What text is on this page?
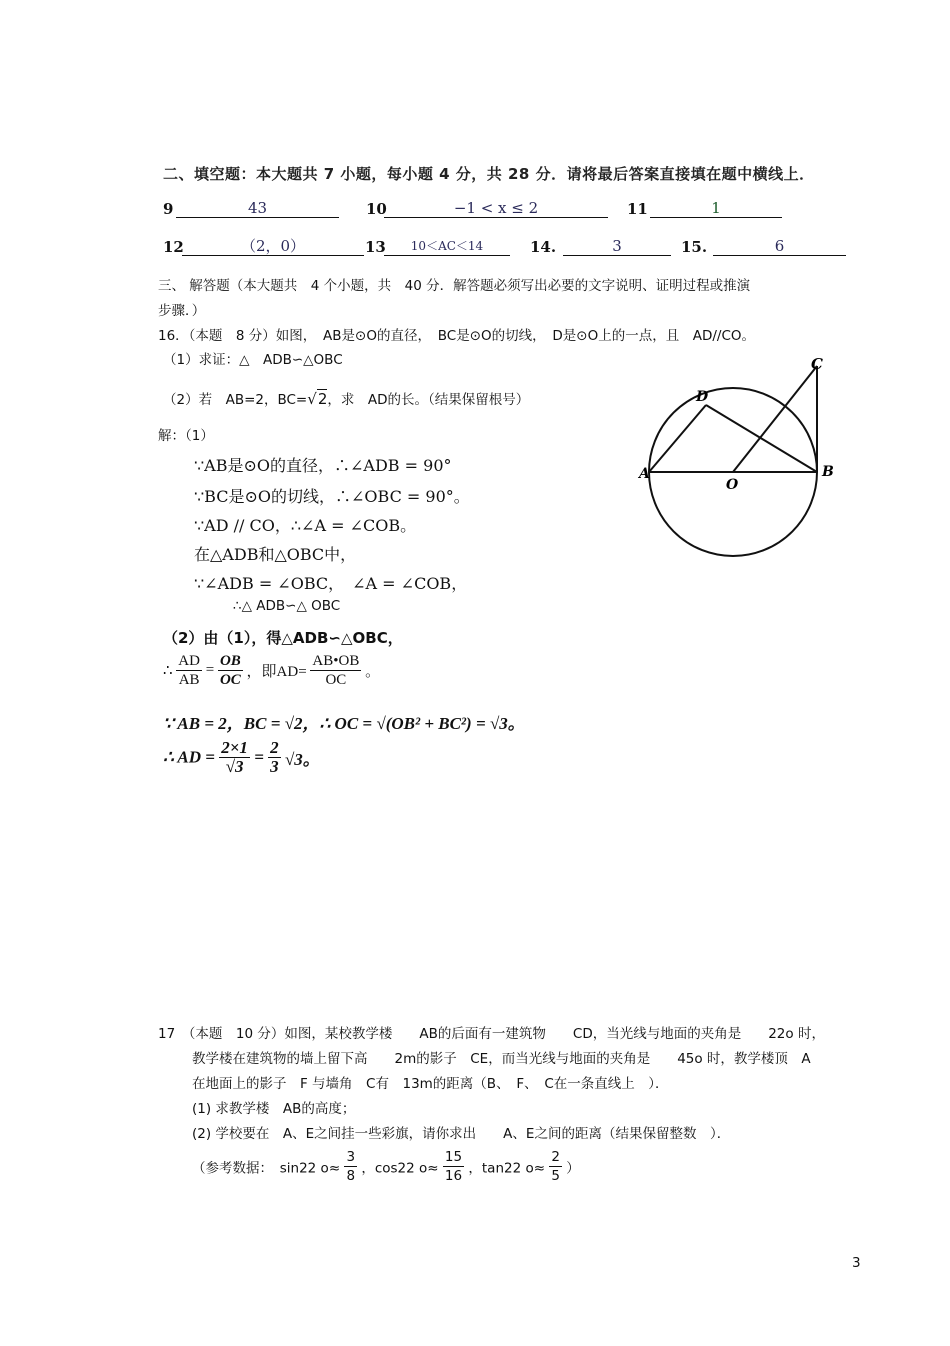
二、填空题：本大题共 7 小题，每小题 4 分，共 28 分．请将最后答案直接填在题中横线上．
9	43	10	−1 < x ≤ 2	11	1
12	（2，0）	13	10＜AC＜14	14.	3	15.	6
三、 解答题（本大题共　4 个小题，共　40 分．解答题必须写出必要的文字说明、证明过程或推演
步骤．）
16．（本题　8 分）如图，　AB是⊙O的直径，　BC是⊙O的切线，　D是⊙O上的一点，且　AD//CO。
（1）求证：△　ADB∽△OBC
（2）若　AB=2，BC=√2，求　AD的长。（结果保留根号）
解：（1）
∵AB是⊙O的直径，∴∠ADB = 90°
∵BC是⊙O的切线，∴∠OBC = 90°。
∵AD // CO，∴∠A = ∠COB。
在△ADB和△OBC中，
∵∠ADB = ∠OBC，　∠A = ∠COB，
∴△ ADB∽△ OBC
（2）由（1），得△ADB∽△OBC，
∴ $\frac{AD}{AB} = \frac{OB}{OC}$ ，即$AD= \frac{AB•OB}{OC}$ 。
∵ AB = 2，BC = √2，∴ OC = √(OB² + BC²) = √3。
∴ AD = $\frac{2\times 1}{√3} = \frac{2}{3} √3$。
A	B
C
D
O
17　（本题　10 分）如图，某校教学楼　　AB的后面有一建筑物　　CD，当光线与地面的夹角是　　22o 时，
教学楼在建筑物的墙上留下高　　2m的影子　CE，而当光线与地面的夹角是　　45o 时，教学楼顶　A
在地面上的影子　F 与墙角　C有　13m的距离（B、　F、　C在一条直线上　）．
(1) 求教学楼　AB的高度；
(2) 学校要在　A、E之间挂一些彩旗，请你求出　　A、E之间的距离（结果保留整数　）．
（参考数据：　sin22 $o\approx \frac{3}{8}$ ，cos22 $o\approx \frac{15}{16}$ ，tan22 $o\approx \frac{2}{5}$ ）
3
